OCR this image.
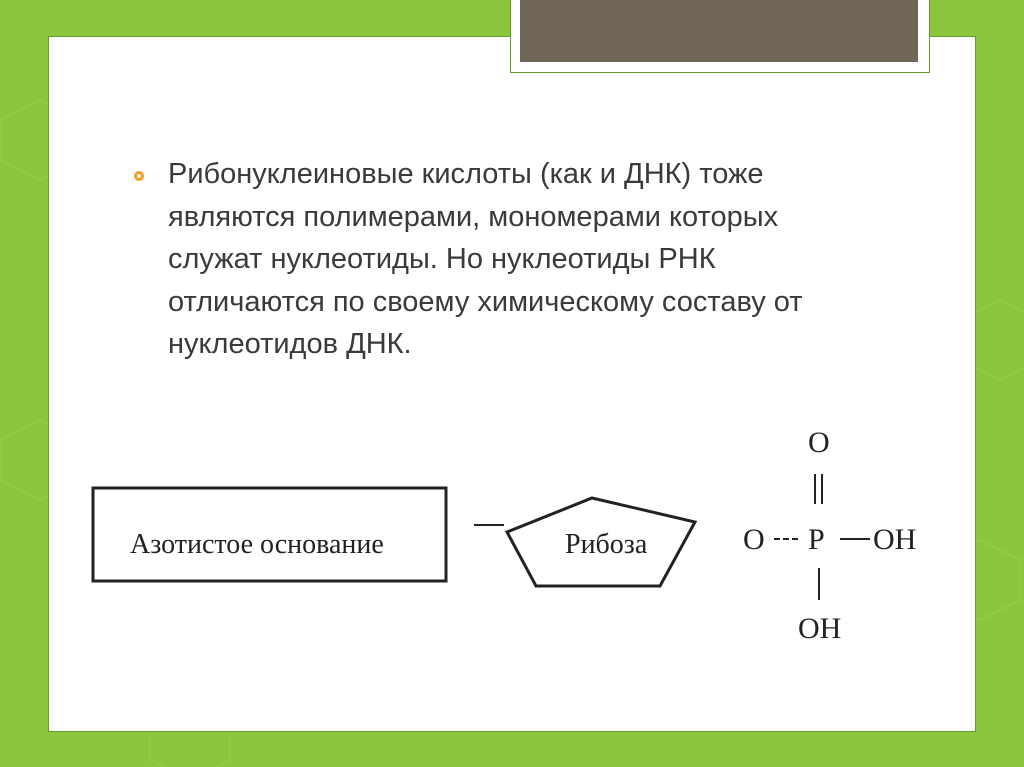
Рибонуклеиновые кислоты (как и ДНК) тоже являются полимерами, мономерами которых служат нуклеотиды. Но нуклеотиды РНК отличаются по своему химическому составу от нуклеотидов ДНК.

Азотистое основание	Рибоза	O P OH
O
OH
